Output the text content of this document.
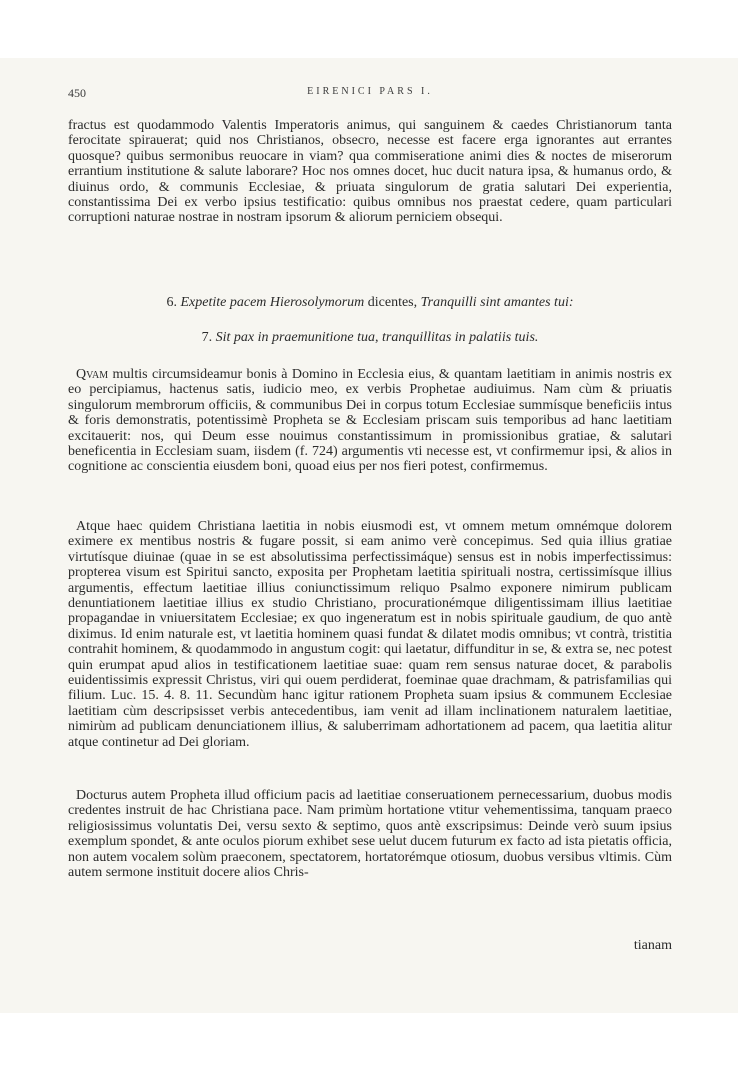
450	EIRENICI PARS I.

fractus est quodammodo Valentis Imperatoris animus, qui sanguinem & caedes Christianorum tanta ferocitate spirauerat; quid nos Christianos, obsecro, necesse est facere erga ignorantes aut errantes quosque? quibus sermonibus reuocare in viam? qua commiseratione animi dies & noctes de miserorum errantium institutione & salute laborare? Hoc nos omnes docet, huc ducit natura ipsa, & humanus ordo, & diuinus ordo, & communis Ecclesiae, & priuata singulorum de gratia salutari Dei experientia, constantissima Dei ex verbo ipsius testificatio: quibus omnibus nos praestat cedere, quam particulari corruptioni naturae nostrae in nostram ipsorum & aliorum perniciem obsequi.

6. Expetite pacem Hierosolymorum dicentes, Tranquilli sint amantes tui:
7. Sit pax in praemunitione tua, tranquillitas in palatiis tuis.

Qvam multis circumsideamur bonis à Domino in Ecclesia eius, & quantam laetitiam in animis nostris ex eo percipiamus, hactenus satis, iudicio meo, ex verbis Prophetae audiuimus. Nam cùm & priuatis singulorum membrorum officiis, & communibus Dei in corpus totum Ecclesiae summísque beneficiis intus & foris demonstratis, potentissimè Propheta se & Ecclesiam priscam suis temporibus ad hanc laetitiam excitauerit: nos, qui Deum esse nouimus constantissimum in promissionibus gratiae, & salutari beneficentia in Ecclesiam suam, iisdem (f. 724) argumentis vti necesse est, vt confirmemur ipsi, & alios in cognitione ac conscientia eiusdem boni, quoad eius per nos fieri potest, confirmemus.

Atque haec quidem Christiana laetitia in nobis eiusmodi est, vt omnem metum omnémque dolorem eximere ex mentibus nostris & fugare possit, si eam animo verè concepimus. Sed quia illius gratiae virtutísque diuinae (quae in se est absolutissima perfectissimáque) sensus est in nobis imperfectissimus: propterea visum est Spiritui sancto, exposita per Prophetam laetitia spirituali nostra, certissimísque illius argumentis, effectum laetitiae illius coniunctissimum reliquo Psalmo exponere nimirum publicam denuntiationem laetitiae illius ex studio Christiano, procurationémque diligentissimam illius laetitiae propagandae in vniuersitatem Ecclesiae; ex quo ingeneratum est in nobis spirituale gaudium, de quo antè diximus. Id enim naturale est, vt laetitia hominem quasi fundat & dilatet modis omnibus; vt contrà, tristitia contrahit hominem, & quodammodo in angustum cogit: qui laetatur, diffunditur in se, & extra se, nec potest quin erumpat apud alios in testificationem laetitiae suae: quam rem sensus naturae docet, & parabolis euidentissimis expressit Christus, viri qui ouem perdiderat, foeminae quae drachmam, & patrisfamilias qui filium. Luc. 15. 4. 8. 11. Secundùm hanc igitur rationem Propheta suam ipsius & communem Ecclesiae laetitiam cùm descripsisset verbis antecedentibus, iam venit ad illam inclinationem naturalem laetitiae, nimirùm ad publicam denunciationem illius, & saluberrimam adhortationem ad pacem, qua laetitia alitur atque continetur ad Dei gloriam.

Docturus autem Propheta illud officium pacis ad laetitiae conseruationem pernecessarium, duobus modis credentes instruit de hac Christiana pace. Nam primùm hortatione vtitur vehementissima, tanquam praeco religiosissimus voluntatis Dei, versu sexto & septimo, quos antè exscripsimus: Deinde verò suum ipsius exemplum spondet, & ante oculos piorum exhibet sese uelut ducem futurum ex facto ad ista pietatis officia, non autem vocalem solùm praeconem, spectatorem, hortatorémque otiosum, duobus versibus vltimis. Cùm autem sermone instituit docere alios Chris-

tianam
